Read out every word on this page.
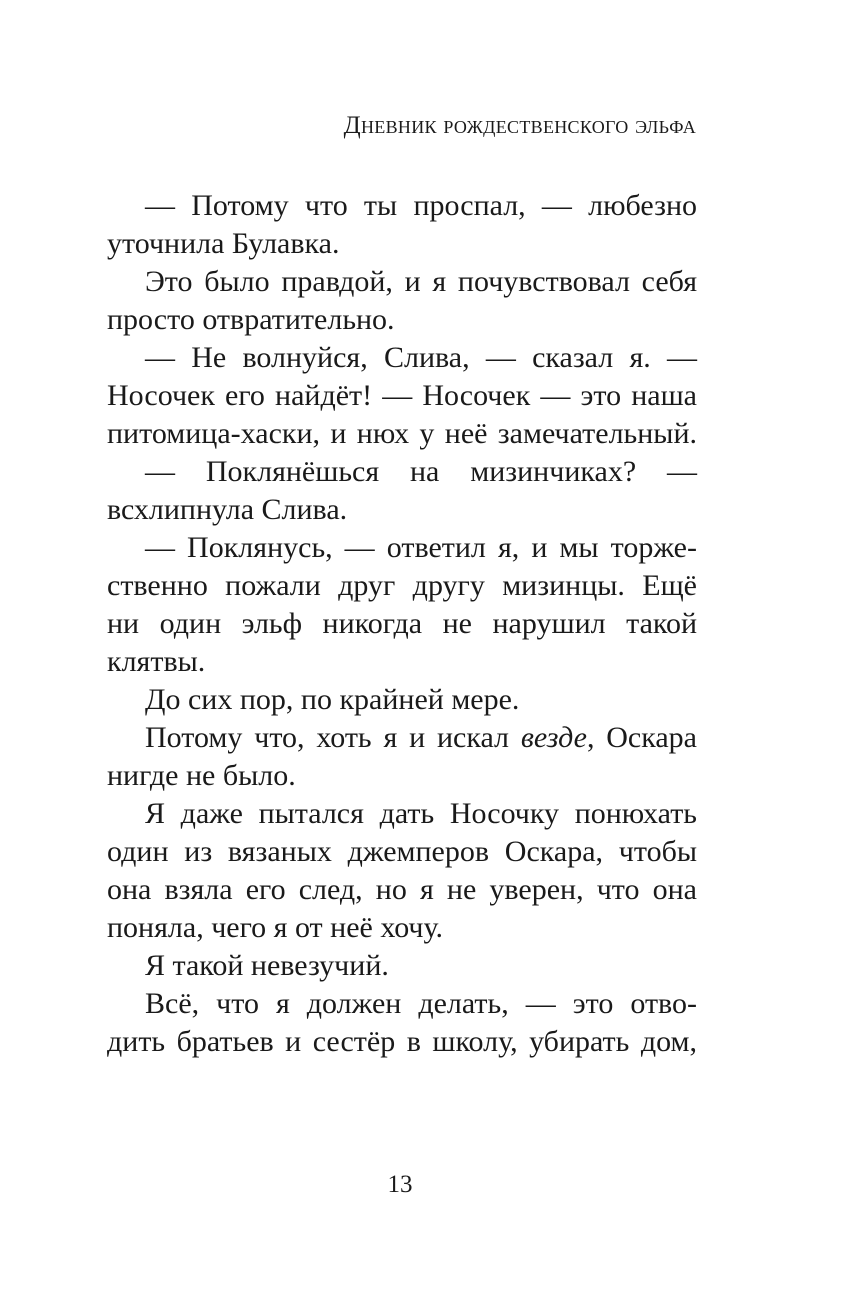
Дневник рождественского эльфа
— Потому что ты проспал, — любезно
уточнила Булавка.
Это было правдой, и я почувствовал себя
просто отвратительно.
— Не волнуйся, Слива, — сказал я. —
Носочек его найдёт! — Носочек — это наша
питомица-хаски, и нюх у неё замечательный.
— Поклянёшься на мизинчиках? —
всхлипнула Слива.
— Поклянусь, — ответил я, и мы торже-
ственно пожали друг другу мизинцы. Ещё
ни один эльф никогда не нарушил такой
клятвы.
До сих пор, по крайней мере.
Потому что, хоть я и искал везде, Оскара
нигде не было.
Я даже пытался дать Носочку понюхать
один из вязаных джемперов Оскара, чтобы
она взяла его след, но я не уверен, что она
поняла, чего я от неё хочу.
Я такой невезучий.
Всё, что я должен делать, — это отво-
дить братьев и сестёр в школу, убирать дом,
13
